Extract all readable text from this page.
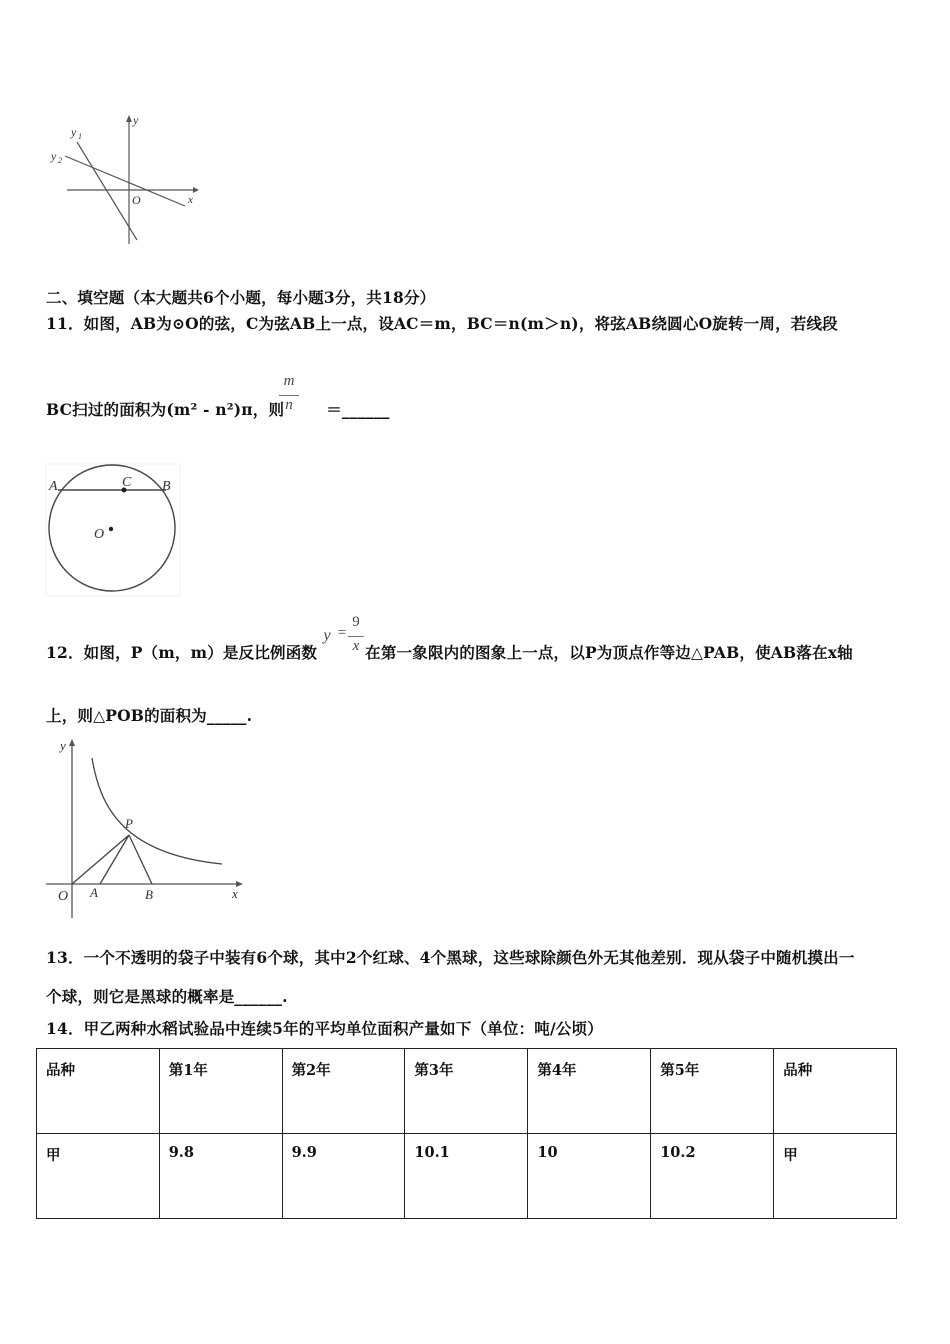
y 1
y 2
y
x
O
二、填空题（本大题共6个小题，每小题3分，共18分）
11．如图，AB为⊙O的弦，C为弦AB上一点，设AC＝m，BC＝n(m＞n)，将弦AB绕圆心O旋转一周，若线段
BC扫过的面积为(m² ‐ n²)π，则	＝______
m
n
A	B
C
O
12．如图，P（m，m）是反比例函数	在第一象限内的图象上一点，以P为顶点作等边△PAB，使AB落在x轴
y =
9
x
上，则△POB的面积为_____.
y
x
O A	B
P
13．一个不透明的袋子中装有6个球，其中2个红球、4个黑球，这些球除颜色外无其他差别．现从袋子中随机摸出一
个球，则它是黑球的概率是______.
14．甲乙两种水稻试验品中连续5年的平均单位面积产量如下（单位：吨/公顷）
品种	第1年	第2年	第3年	第4年	第5年	品种
甲	9.8	9.9	10.1	10	10.2	甲
